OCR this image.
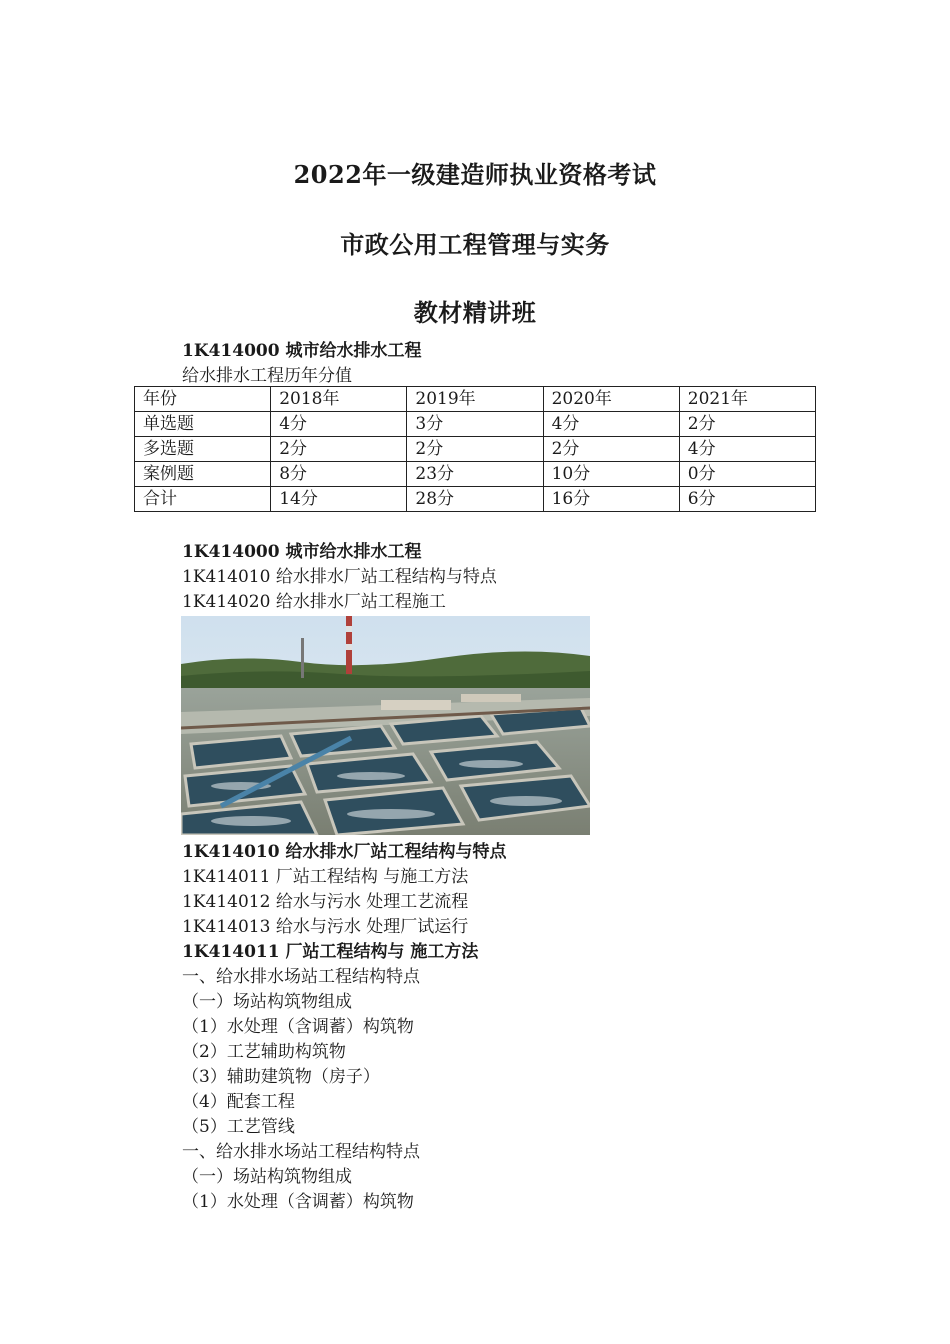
2022年一级建造师执业资格考试
市政公用工程管理与实务
教材精讲班
1K414000 城市给水排水工程
给水排水工程历年分值
年份	2018年	2019年	2020年	2021年
单选题	4分	3分	4分	2分
多选题	2分	2分	2分	4分
案例题	8分	23分	10分	0分
合计	14分	28分	16分	6分
1K414000 城市给水排水工程
1K414010 给水排水厂站工程结构与特点
1K414020 给水排水厂站工程施工
1K414010 给水排水厂站工程结构与特点
1K414011 厂站工程结构 与施工方法
1K414012 给水与污水 处理工艺流程
1K414013 给水与污水 处理厂试运行
1K414011 厂站工程结构与 施工方法
一、给水排水场站工程结构特点
（一）场站构筑物组成
（1）水处理（含调蓄）构筑物
（2）工艺辅助构筑物
（3）辅助建筑物（房子）
（4）配套工程
（5）工艺管线
一、给水排水场站工程结构特点
（一）场站构筑物组成
（1）水处理（含调蓄）构筑物
